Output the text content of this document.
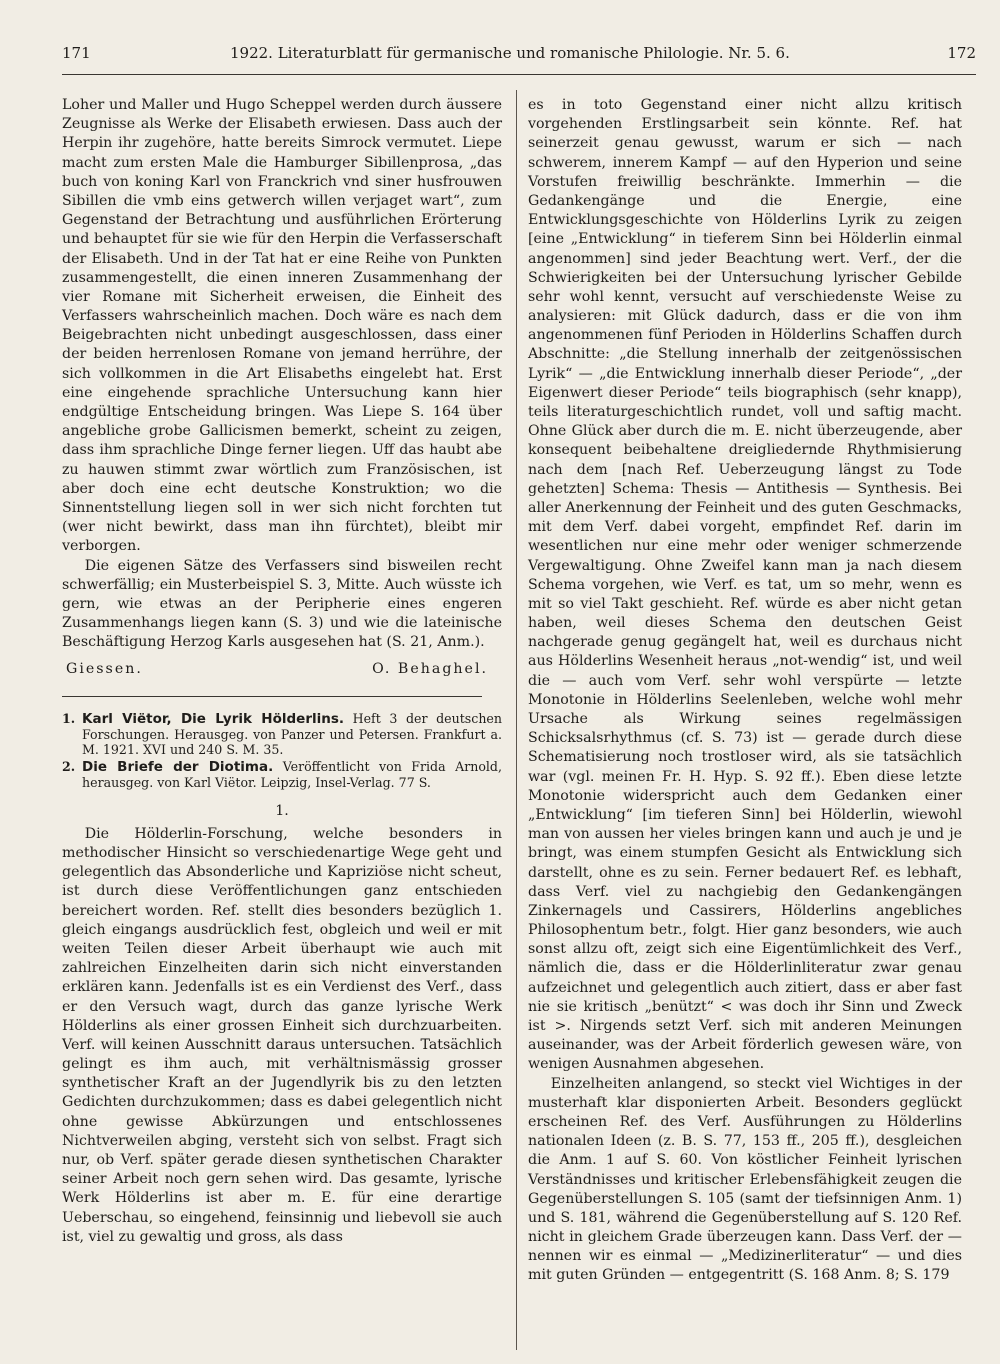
171	1922. Literaturblatt für germanische und romanische Philologie. Nr. 5. 6.	172

Loher und Maller und Hugo Scheppel werden durch äussere Zeugnisse als Werke der Elisabeth erwiesen. Dass auch der Herpin ihr zugehöre, hatte bereits Simrock vermutet. Liepe macht zum ersten Male die Hamburger Sibillenprosa, „das buch von koning Karl von Franckrich vnd siner husfrouwen Sibillen die vmb eins getwerch willen verjaget wart“, zum Gegenstand der Betrachtung und ausführlichen Erörterung und behauptet für sie wie für den Herpin die Verfasserschaft der Elisabeth. Und in der Tat hat er eine Reihe von Punkten zusammengestellt, die einen inneren Zusammenhang der vier Romane mit Sicherheit erweisen, die Einheit des Verfassers wahrscheinlich machen. Doch wäre es nach dem Beigebrachten nicht unbedingt ausgeschlossen, dass einer der beiden herrenlosen Romane von jemand herrühre, der sich vollkommen in die Art Elisabeths eingelebt hat. Erst eine eingehende sprachliche Untersuchung kann hier endgültige Entscheidung bringen. Was Liepe S. 164 über angebliche grobe Gallicismen bemerkt, scheint zu zeigen, dass ihm sprachliche Dinge ferner liegen. Uff das haubt abe zu hauwen stimmt zwar wörtlich zum Französischen, ist aber doch eine echt deutsche Konstruktion; wo die Sinnentstellung liegen soll in wer sich nicht forchten tut (wer nicht bewirkt, dass man ihn fürchtet), bleibt mir verborgen.

Die eigenen Sätze des Verfassers sind bisweilen recht schwerfällig; ein Musterbeispiel S. 3, Mitte. Auch wüsste ich gern, wie etwas an der Peripherie eines engeren Zusammenhangs liegen kann (S. 3) und wie die lateinische Beschäftigung Herzog Karls ausgesehen hat (S. 21, Anm.).

Giessen.	O. Behaghel.

1. Karl Viëtor, Die Lyrik Hölderlins. Heft 3 der deutschen Forschungen. Herausgeg. von Panzer und Petersen. Frankfurt a. M. 1921. XVI und 240 S. M. 35.
2. Die Briefe der Diotima. Veröffentlicht von Frida Arnold, herausgeg. von Karl Viëtor. Leipzig, Insel-Verlag. 77 S.

1.

Die Hölderlin-Forschung, welche besonders in methodischer Hinsicht so verschiedenartige Wege geht und gelegentlich das Absonderliche und Kapriziöse nicht scheut, ist durch diese Veröffentlichungen ganz entschieden bereichert worden. Ref. stellt dies besonders bezüglich 1. gleich eingangs ausdrücklich fest, obgleich und weil er mit weiten Teilen dieser Arbeit überhaupt wie auch mit zahlreichen Einzelheiten darin sich nicht einverstanden erklären kann. Jedenfalls ist es ein Verdienst des Verf., dass er den Versuch wagt, durch das ganze lyrische Werk Hölderlins als einer grossen Einheit sich durchzuarbeiten. Verf. will keinen Ausschnitt daraus untersuchen. Tatsächlich gelingt es ihm auch, mit verhältnismässig grosser synthetischer Kraft an der Jugendlyrik bis zu den letzten Gedichten durchzukommen; dass es dabei gelegentlich nicht ohne gewisse Abkürzungen und entschlossenes Nichtverweilen abging, versteht sich von selbst. Fragt sich nur, ob Verf. später gerade diesen synthetischen Charakter seiner Arbeit noch gern sehen wird. Das gesamte, lyrische Werk Hölderlins ist aber m. E. für eine derartige Ueberschau, so eingehend, feinsinnig und liebevoll sie auch ist, viel zu gewaltig und gross, als dass

es in toto Gegenstand einer nicht allzu kritisch vorgehenden Erstlingsarbeit sein könnte. Ref. hat seinerzeit genau gewusst, warum er sich — nach schwerem, innerem Kampf — auf den Hyperion und seine Vorstufen freiwillig beschränkte. Immerhin — die Gedankengänge und die Energie, eine Entwicklungsgeschichte von Hölderlins Lyrik zu zeigen [eine „Entwicklung“ in tieferem Sinn bei Hölderlin einmal angenommen] sind jeder Beachtung wert. Verf., der die Schwierigkeiten bei der Untersuchung lyrischer Gebilde sehr wohl kennt, versucht auf verschiedenste Weise zu analysieren: mit Glück dadurch, dass er die von ihm angenommenen fünf Perioden in Hölderlins Schaffen durch Abschnitte: „die Stellung innerhalb der zeitgenössischen Lyrik“ — „die Entwicklung innerhalb dieser Periode“, „der Eigenwert dieser Periode“ teils biographisch (sehr knapp), teils literaturgeschichtlich rundet, voll und saftig macht. Ohne Glück aber durch die m. E. nicht überzeugende, aber konsequent beibehaltene dreigliedernde Rhythmisierung nach dem [nach Ref. Ueberzeugung längst zu Tode gehetzten] Schema: Thesis — Antithesis — Synthesis. Bei aller Anerkennung der Feinheit und des guten Geschmacks, mit dem Verf. dabei vorgeht, empfindet Ref. darin im wesentlichen nur eine mehr oder weniger schmerzende Vergewaltigung. Ohne Zweifel kann man ja nach diesem Schema vorgehen, wie Verf. es tat, um so mehr, wenn es mit so viel Takt geschieht. Ref. würde es aber nicht getan haben, weil dieses Schema den deutschen Geist nachgerade genug gegängelt hat, weil es durchaus nicht aus Hölderlins Wesenheit heraus „not-wendig“ ist, und weil die — auch vom Verf. sehr wohl verspürte — letzte Monotonie in Hölderlins Seelenleben, welche wohl mehr Ursache als Wirkung seines regelmässigen Schicksalsrhythmus (cf. S. 73) ist — gerade durch diese Schematisierung noch trostloser wird, als sie tatsächlich war (vgl. meinen Fr. H. Hyp. S. 92 ff.). Eben diese letzte Monotonie widerspricht auch dem Gedanken einer „Entwicklung“ [im tieferen Sinn] bei Hölderlin, wiewohl man von aussen her vieles bringen kann und auch je und je bringt, was einem stumpfen Gesicht als Entwicklung sich darstellt, ohne es zu sein. Ferner bedauert Ref. es lebhaft, dass Verf. viel zu nachgiebig den Gedankengängen Zinkernagels und Cassirers, Hölderlins angebliches Philosophentum betr., folgt. Hier ganz besonders, wie auch sonst allzu oft, zeigt sich eine Eigentümlichkeit des Verf., nämlich die, dass er die Hölderlinliteratur zwar genau aufzeichnet und gelegentlich auch zitiert, dass er aber fast nie sie kritisch „benützt“ < was doch ihr Sinn und Zweck ist >. Nirgends setzt Verf. sich mit anderen Meinungen auseinander, was der Arbeit förderlich gewesen wäre, von wenigen Ausnahmen abgesehen.

Einzelheiten anlangend, so steckt viel Wichtiges in der musterhaft klar disponierten Arbeit. Besonders geglückt erscheinen Ref. des Verf. Ausführungen zu Hölderlins nationalen Ideen (z. B. S. 77, 153 ff., 205 ff.), desgleichen die Anm. 1 auf S. 60. Von köstlicher Feinheit lyrischen Verständnisses und kritischer Erlebensfähigkeit zeugen die Gegenüberstellungen S. 105 (samt der tiefsinnigen Anm. 1) und S. 181, während die Gegenüberstellung auf S. 120 Ref. nicht in gleichem Grade überzeugen kann. Dass Verf. der — nennen wir es einmal — „Medizinerliteratur“ — und dies mit guten Gründen — entgegentritt (S. 168 Anm. 8; S. 179
